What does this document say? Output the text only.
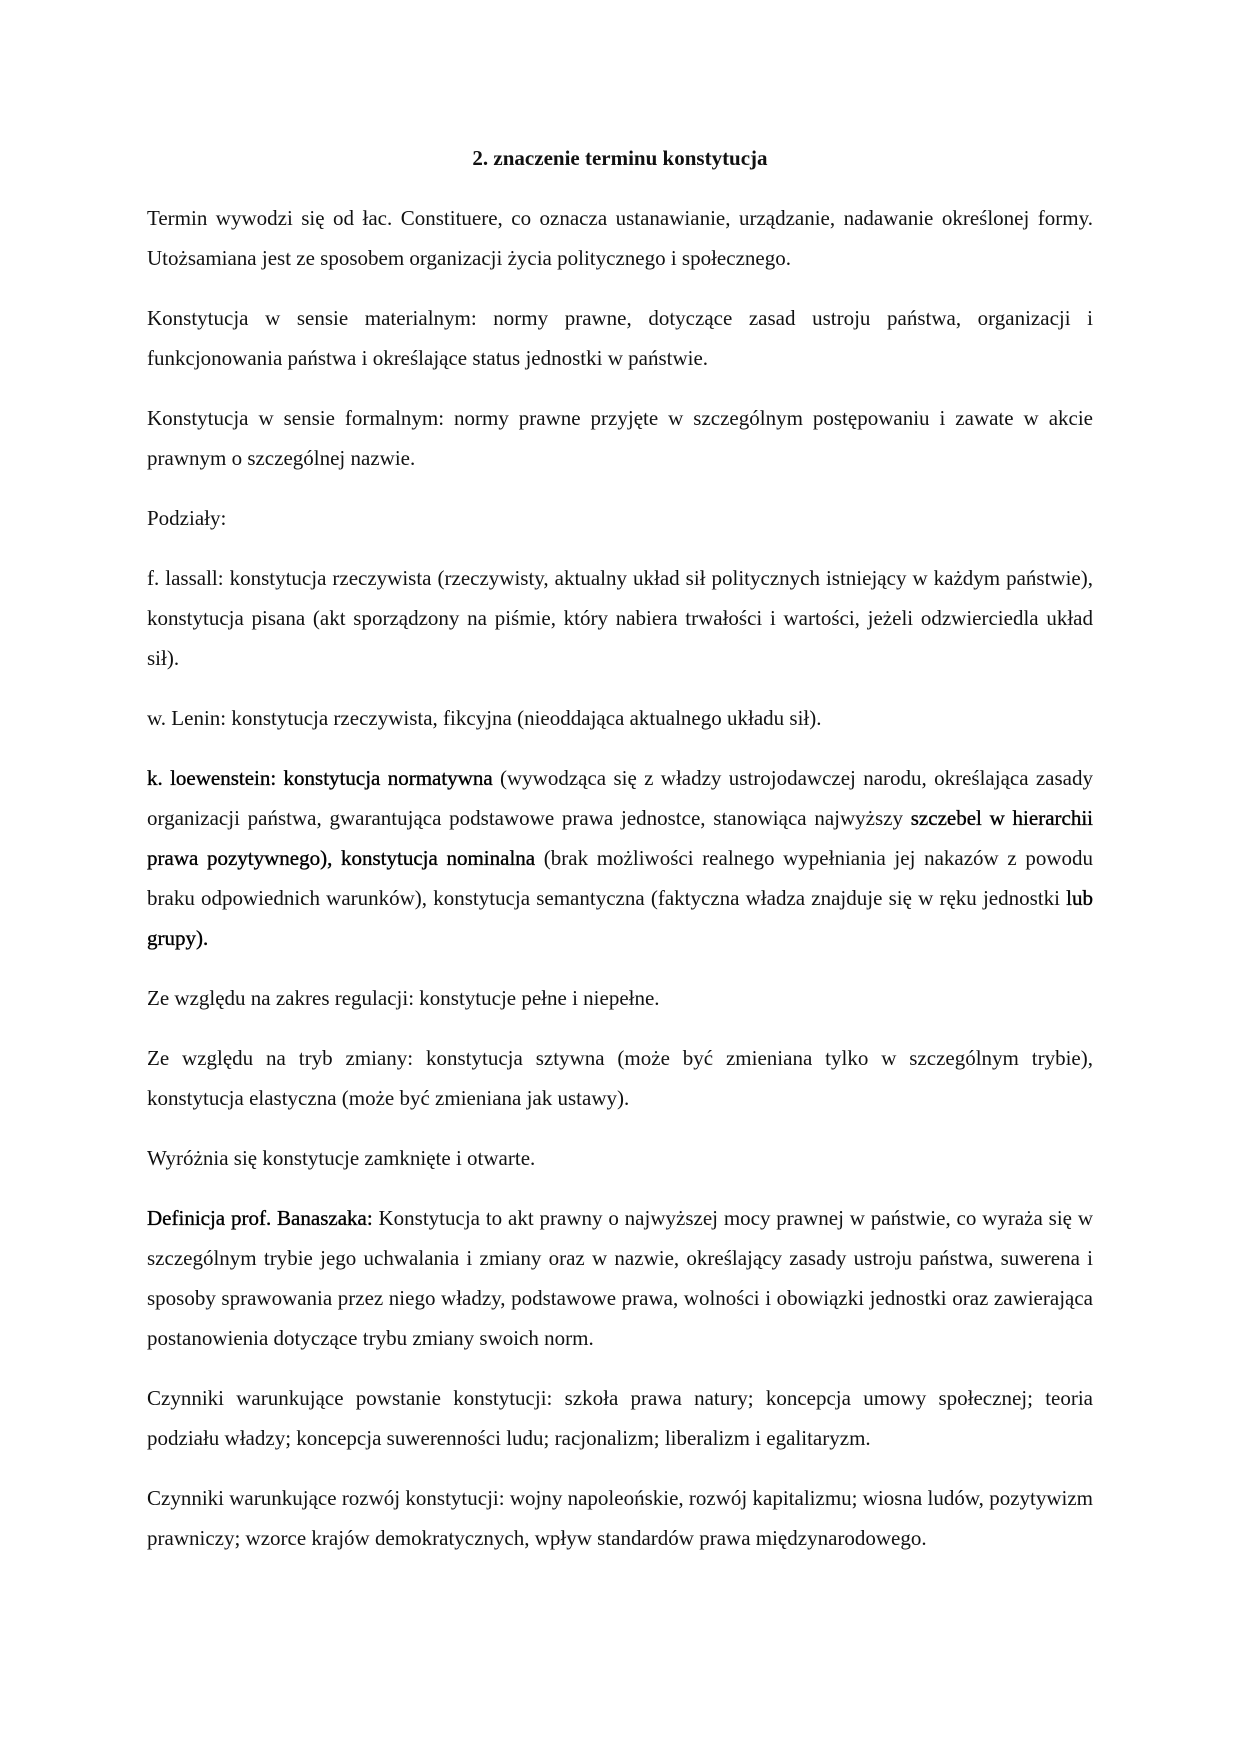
2. znaczenie terminu konstytucja

Termin wywodzi się od łac. Constituere, co oznacza ustanawianie, urządzanie, nadawanie określonej formy. Utożsamiana jest ze sposobem organizacji życia politycznego i społecznego.

Konstytucja w sensie materialnym: normy prawne, dotyczące zasad ustroju państwa, organizacji i funkcjonowania państwa i określające status jednostki w państwie.

Konstytucja w sensie formalnym: normy prawne przyjęte w szczególnym postępowaniu i zawate w akcie prawnym o szczególnej nazwie.

Podziały:

f. lassall: konstytucja rzeczywista (rzeczywisty, aktualny układ sił politycznych istniejący w każdym państwie), konstytucja pisana (akt sporządzony na piśmie, który nabiera trwałości i wartości, jeżeli odzwierciedla układ sił).

w. Lenin: konstytucja rzeczywista, fikcyjna (nieoddająca aktualnego układu sił).

k. loewenstein: konstytucja normatywna (wywodząca się z władzy ustrojodawczej narodu, określająca zasady organizacji państwa, gwarantująca podstawowe prawa jednostce, stanowiąca najwyższy szczebel w hierarchii prawa pozytywnego), konstytucja nominalna (brak możliwości realnego wypełniania jej nakazów z powodu braku odpowiednich warunków), konstytucja semantyczna (faktyczna władza znajduje się w ręku jednostki lub grupy).

Ze względu na zakres regulacji: konstytucje pełne i niepełne.

Ze względu na tryb zmiany: konstytucja sztywna (może być zmieniana tylko w szczególnym trybie), konstytucja elastyczna (może być zmieniana jak ustawy).

Wyróżnia się konstytucje zamknięte i otwarte.

Definicja prof. Banaszaka: Konstytucja to akt prawny o najwyższej mocy prawnej w państwie, co wyraża się w szczególnym trybie jego uchwalania i zmiany oraz w nazwie, określający zasady ustroju państwa, suwerena i sposoby sprawowania przez niego władzy, podstawowe prawa, wolności i obowiązki jednostki oraz zawierająca postanowienia dotyczące trybu zmiany swoich norm.

Czynniki warunkujące powstanie konstytucji: szkoła prawa natury; koncepcja umowy społecznej; teoria podziału władzy; koncepcja suwerenności ludu; racjonalizm; liberalizm i egalitaryzm.

Czynniki warunkujące rozwój konstytucji: wojny napoleońskie, rozwój kapitalizmu; wiosna ludów, pozytywizm prawniczy; wzorce krajów demokratycznych, wpływ standardów prawa międzynarodowego.
